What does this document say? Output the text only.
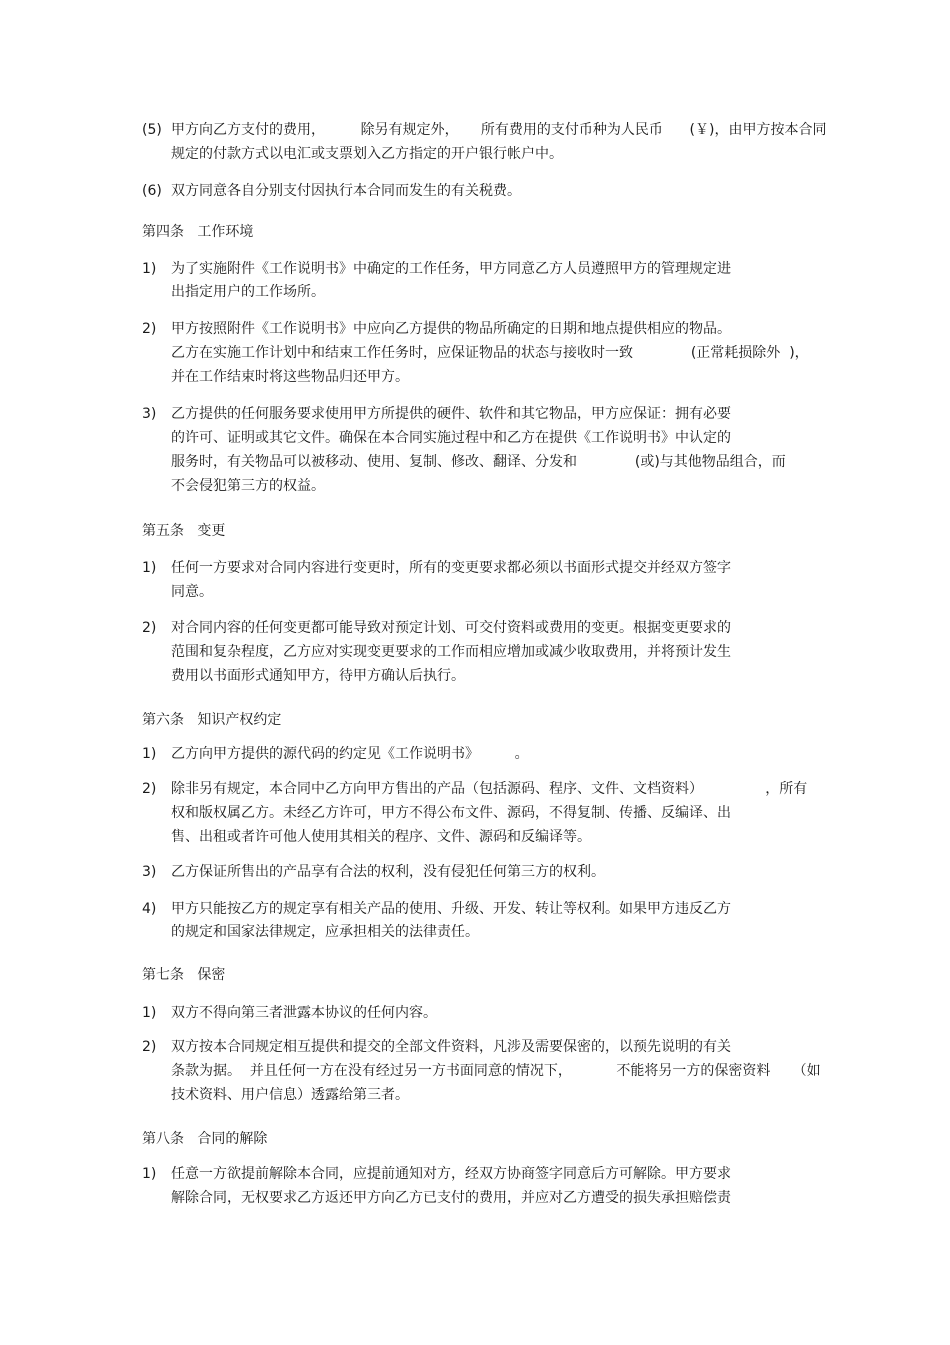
(5) 甲方向乙方支付的费用，        除另有规定外，     所有费用的支付币种为人民币      (￥)，由甲方按本合同
规定的付款方式以电汇或支票划入乙方指定的开户银行帐户中。
(6) 双方同意各自分别支付因执行本合同而发生的有关税费。
第四条   工作环境
1) 为了实施附件《工作说明书》中确定的工作任务，甲方同意乙方人员遵照甲方的管理规定进
出指定用户的工作场所。
2) 甲方按照附件《工作说明书》中应向乙方提供的物品所确定的日期和地点提供相应的物品。
乙方在实施工作计划中和结束工作任务时，应保证物品的状态与接收时一致             (正常耗损除外  )，
并在工作结束时将这些物品归还甲方。
3) 乙方提供的任何服务要求使用甲方所提供的硬件、软件和其它物品，甲方应保证：拥有必要
的许可、证明或其它文件。确保在本合同实施过程中和乙方在提供《工作说明书》中认定的
服务时，有关物品可以被移动、使用、复制、修改、翻译、分发和             (或)与其他物品组合，而
不会侵犯第三方的权益。
第五条   变更
1) 任何一方要求对合同内容进行变更时，所有的变更要求都必须以书面形式提交并经双方签字
同意。
2) 对合同内容的任何变更都可能导致对预定计划、可交付资料或费用的变更。根据变更要求的
范围和复杂程度，乙方应对实现变更要求的工作而相应增加或减少收取费用，并将预计发生
费用以书面形式通知甲方，待甲方确认后执行。
第六条   知识产权约定
1) 乙方向甲方提供的源代码的约定见《工作说明书》        。
2) 除非另有规定，本合同中乙方向甲方售出的产品（包括源码、程序、文件、文档资料）              ，所有
权和版权属乙方。未经乙方许可，甲方不得公布文件、源码，不得复制、传播、反编译、出
售、出租或者许可他人使用其相关的程序、文件、源码和反编译等。
3) 乙方保证所售出的产品享有合法的权利，没有侵犯任何第三方的权利。
4) 甲方只能按乙方的规定享有相关产品的使用、升级、开发、转让等权利。如果甲方违反乙方
的规定和国家法律规定，应承担相关的法律责任。
第七条   保密
1) 双方不得向第三者泄露本协议的任何内容。
2) 双方按本合同规定相互提供和提交的全部文件资料，凡涉及需要保密的，以预先说明的有关
条款为据。  并且任何一方在没有经过另一方书面同意的情况下，          不能将另一方的保密资料     （如
技术资料、用户信息）透露给第三者。
第八条   合同的解除
1) 任意一方欲提前解除本合同，应提前通知对方，经双方协商签字同意后方可解除。甲方要求
解除合同，无权要求乙方返还甲方向乙方已支付的费用，并应对乙方遭受的损失承担赔偿责
